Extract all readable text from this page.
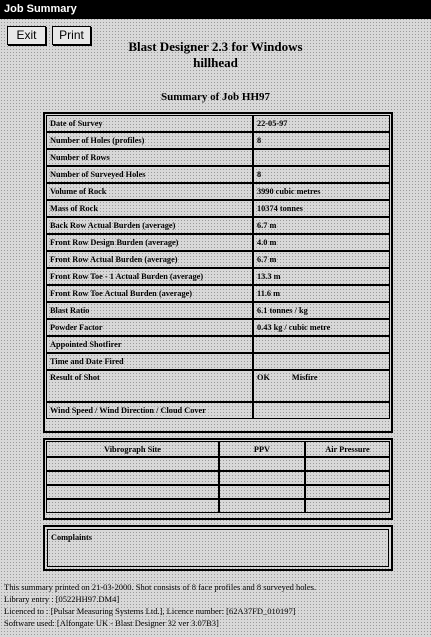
Job Summary
Exit	Print
Blast Designer 2.3 for Windows
hillhead
Summary of Job HH97
Date of Survey	22-05-97
Number of Holes (profiles)	8
Number of Rows	
Number of Surveyed Holes	8
Volume of Rock	3990 cubic metres
Mass of Rock	10374 tonnes
Back Row Actual Burden (average)	6.7 m
Front Row Design Burden (average)	4.0 m
Front Row Actual Burden (average)	6.7 m
Front Row Toe - 1 Actual Burden (average)	13.3 m
Front Row Toe Actual Burden (average)	11.6 m
Blast Ratio	6.1 tonnes / kg
Powder Factor	0.43 kg / cubic metre
Appointed Shotfirer	
Time and Date Fired	
Result of Shot	OK Misfire
Wind Speed / Wind Direction / Cloud Cover	
Vibrograph Site	PPV	Air Pressure

Complaints
This summary printed on 21-03-2000. Shot consists of 8 face profiles and 8 surveyed holes.
Library entry : [0522HH97.DM4]
Licenced to : [Pulsar Measuring Systems Ltd.], Licence number: [62A37FD_010197]
Software used: [Alfongate UK - Blast Designer 32 ver 3.07B3]
